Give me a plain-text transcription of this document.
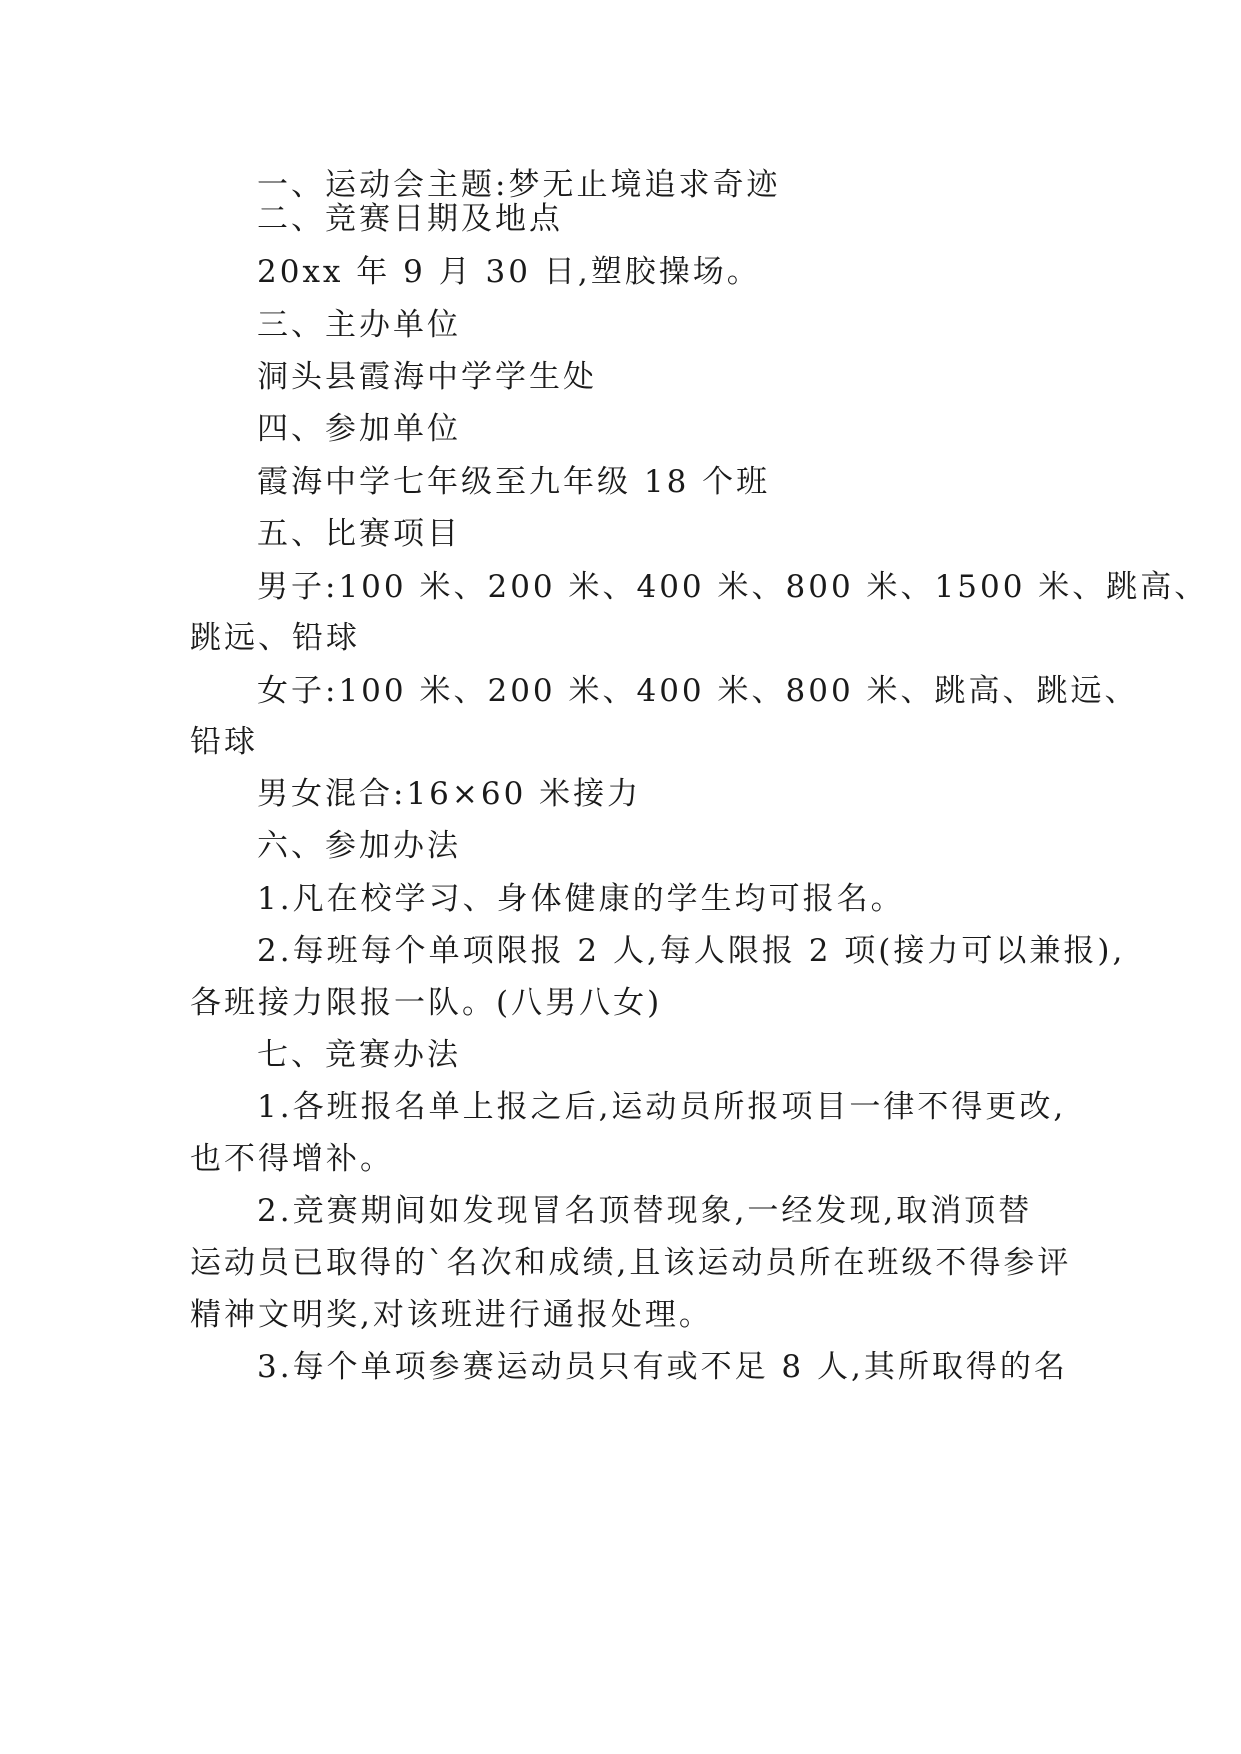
一、运动会主题:梦无止境追求奇迹
二、竞赛日期及地点
20xx 年 9 月 30 日,塑胶操场。
三、主办单位
洞头县霞海中学学生处
四、参加单位
霞海中学七年级至九年级 18 个班
五、比赛项目
男子:100 米、200 米、400 米、800 米、1500 米、跳高、
跳远、铅球
女子:100 米、200 米、400 米、800 米、跳高、跳远、
铅球
男女混合:16×60 米接力
六、参加办法
1.凡在校学习、身体健康的学生均可报名。
2.每班每个单项限报 2 人,每人限报 2 项(接力可以兼报),
各班接力限报一队。(八男八女)
七、竞赛办法
1.各班报名单上报之后,运动员所报项目一律不得更改,
也不得增补。
2.竞赛期间如发现冒名顶替现象,一经发现,取消顶替
运动员已取得的`名次和成绩,且该运动员所在班级不得参评
精神文明奖,对该班进行通报处理。
3.每个单项参赛运动员只有或不足 8 人,其所取得的名
